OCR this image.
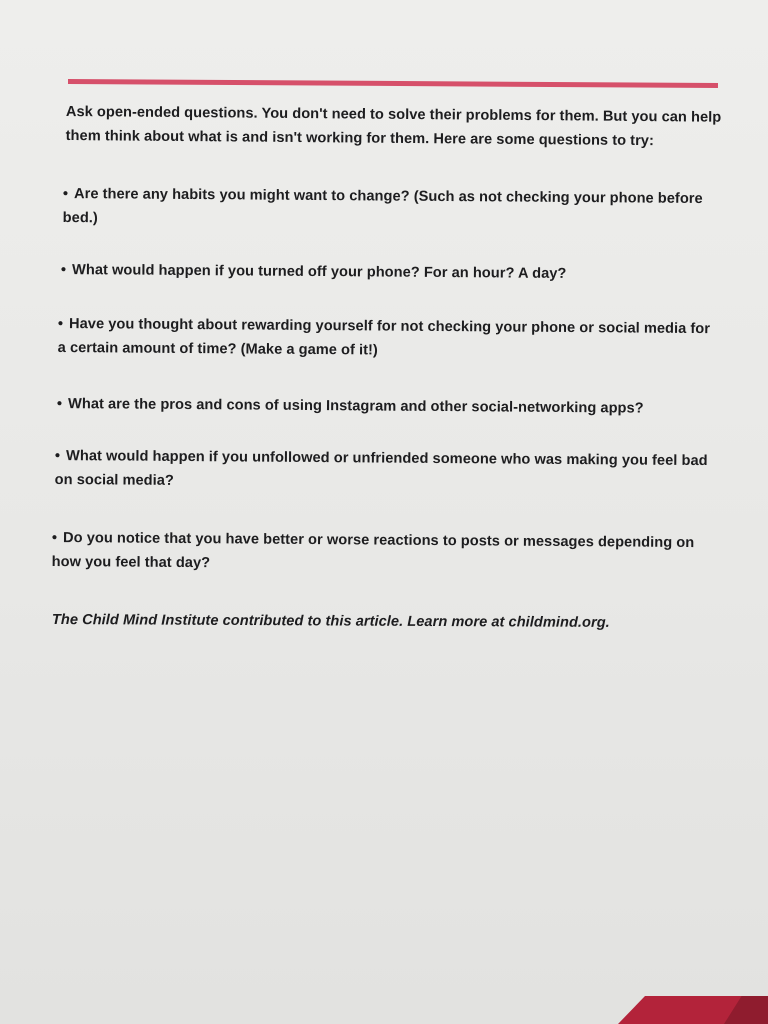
Ask open-ended questions. You don't need to solve their problems for them. But you can help them think about what is and isn't working for them. Here are some questions to try:

• Are there any habits you might want to change? (Such as not checking your phone before bed.)

• What would happen if you turned off your phone? For an hour? A day?

• Have you thought about rewarding yourself for not checking your phone or social media for a certain amount of time? (Make a game of it!)

• What are the pros and cons of using Instagram and other social-networking apps?

• What would happen if you unfollowed or unfriended someone who was making you feel bad on social media?

• Do you notice that you have better or worse reactions to posts or messages depending on how you feel that day?

The Child Mind Institute contributed to this article. Learn more at childmind.org.
